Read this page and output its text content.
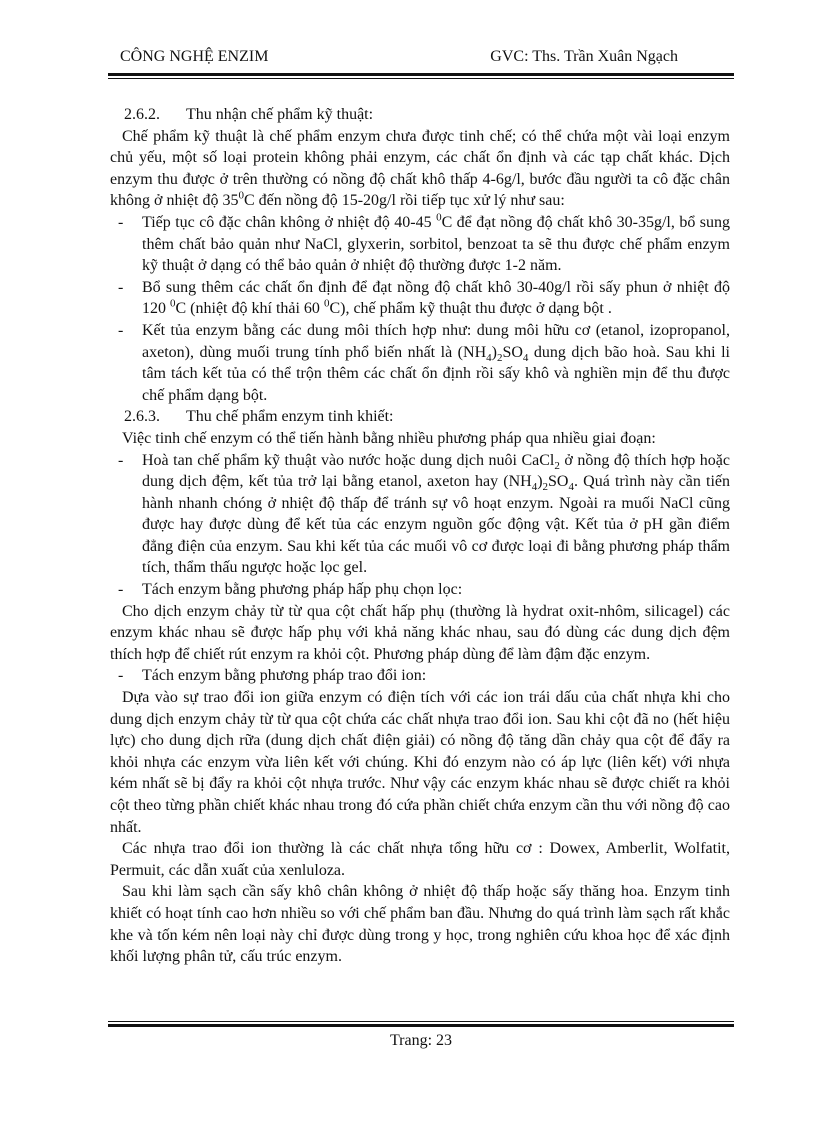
CÔNG NGHỆ ENZIM	GVC: Ths. Trần Xuân Ngạch

2.6.2. Thu nhận chế phẩm kỹ thuật:

Chế phẩm kỹ thuật là chế phẩm enzym chưa được tinh chế; có thể chứa một vài loại enzym chủ yếu, một số loại protein không phải enzym, các chất ổn định và các tạp chất khác. Dịch enzym thu được ở trên thường có nồng độ chất khô thấp 4-6g/l, bước đầu người ta cô đặc chân không ở nhiệt độ $35^0C$ đến nồng độ 15-20g/l rồi tiếp tục xử lý như sau:

- Tiếp tục cô đặc chân không ở nhiệt độ 40-45 $^0$C để đạt nồng độ chất khô 30-35g/l, bổ sung thêm chất bảo quản như NaCl, glyxerin, sorbitol, benzoat ta sẽ thu được chế phẩm enzym kỹ thuật ở dạng có thể bảo quản ở nhiệt độ thường được 1-2 năm.

- Bổ sung thêm các chất ổn định để đạt nồng độ chất khô 30-40g/l rồi sấy phun ở nhiệt độ 120 $^0$C (nhiệt độ khí thải 60 $^0$C), chế phẩm kỹ thuật thu được ở dạng bột .

- Kết tủa enzym bằng các dung môi thích hợp như: dung môi hữu cơ (etanol, izopropanol, axeton), dùng muối trung tính phổ biến nhất là $(NH_4)_2SO_4$ dung dịch bão hoà. Sau khi li tâm tách kết tủa có thể trộn thêm các chất ổn định rồi sấy khô và nghiền mịn để thu được chế phẩm dạng bột.

2.6.3. Thu chế phẩm enzym tinh khiết:

Việc tinh chế enzym có thể tiến hành bằng nhiều phương pháp qua nhiều giai đoạn:

- Hoà tan chế phẩm kỹ thuật vào nước hoặc dung dịch nuôi CaCl$_2$ ở nồng độ thích hợp hoặc dung dịch đệm, kết tủa trở lại bằng etanol, axeton hay $(NH_4)_2SO_4$. Quá trình này cần tiến hành nhanh chóng ở nhiệt độ thấp để tránh sự vô hoạt enzym. Ngoài ra muối NaCl cũng được hay được dùng để kết tủa các enzym nguồn gốc động vật. Kết tủa ở pH gần điểm đẳng điện của enzym. Sau khi kết tủa các muối vô cơ được loại đi bằng phương pháp thẩm tích, thẩm thấu ngược hoặc lọc gel.

- Tách enzym bằng phương pháp hấp phụ chọn lọc:

Cho dịch enzym chảy từ từ qua cột chất hấp phụ (thường là hydrat oxit-nhôm, silicagel) các enzym khác nhau sẽ được hấp phụ với khả năng khác nhau, sau đó dùng các dung dịch đệm thích hợp để chiết rút enzym ra khỏi cột. Phương pháp dùng để làm đậm đặc enzym.

- Tách enzym bằng phương pháp trao đổi ion:

Dựa vào sự trao đổi ion giữa enzym có điện tích với các ion trái dấu của chất nhựa khi cho dung dịch enzym chảy từ từ qua cột chứa các chất nhựa trao đổi ion. Sau khi cột đã no (hết hiệu lực) cho dung dịch rữa (dung dịch chất điện giải) có nồng độ tăng dần chảy qua cột để đẩy ra khỏi nhựa các enzym vừa liên kết với chúng. Khi đó enzym nào có áp lực (liên kết) với nhựa kém nhất sẽ bị đẩy ra khỏi cột nhựa trước. Như vậy các enzym khác nhau sẽ được chiết ra khỏi cột theo từng phần chiết khác nhau trong đó cứa phần chiết chứa enzym cần thu với nồng độ cao nhất.

Các nhựa trao đổi ion thường là các chất nhựa tổng hữu cơ : Dowex, Amberlit, Wolfatit, Permuit, các dẫn xuất của xenluloza.

Sau khi làm sạch cần sấy khô chân không ở nhiệt độ thấp hoặc sấy thăng hoa. Enzym tinh khiết có hoạt tính cao hơn nhiều so với chế phẩm ban đầu. Nhưng do quá trình làm sạch rất khắc khe và tốn kém nên loại này chỉ được dùng trong y học, trong nghiên cứu khoa học để xác định khối lượng phân tử, cấu trúc enzym.

Trang: 23
